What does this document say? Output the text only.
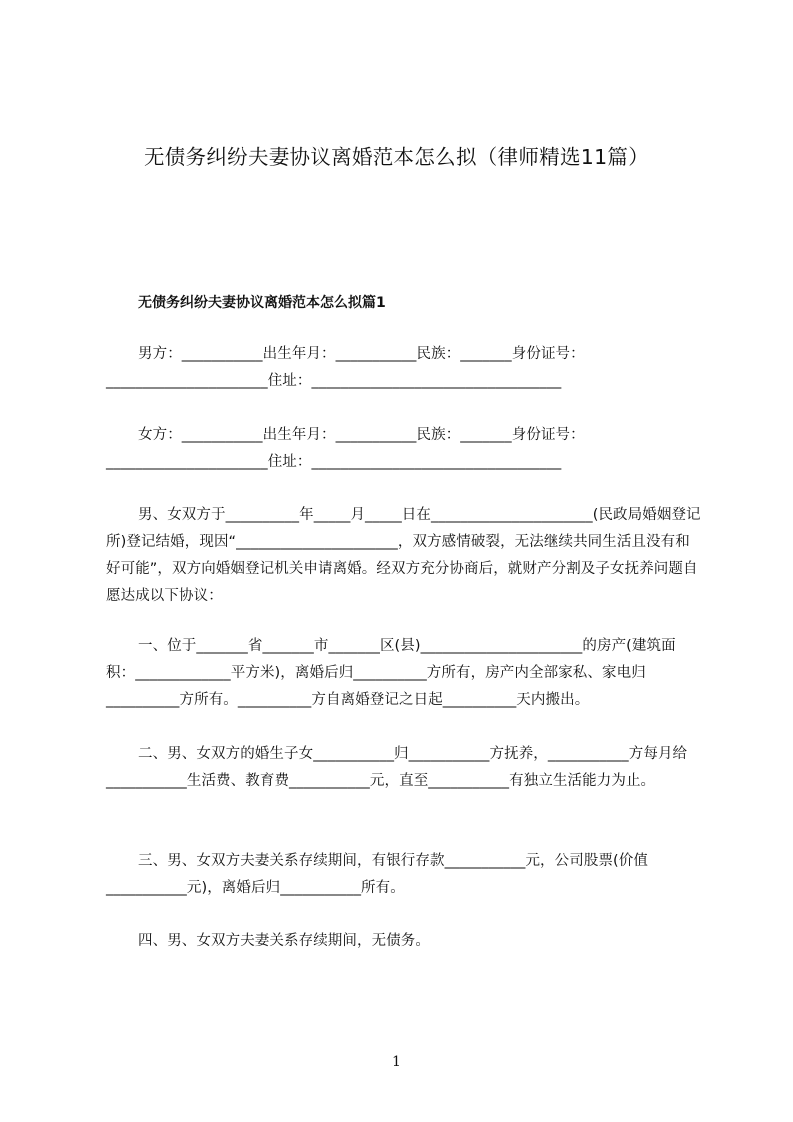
无债务纠纷夫妻协议离婚范本怎么拟（律师精选11篇）
无债务纠纷夫妻协议离婚范本怎么拟篇1
男方：___________出生年月：___________民族：_______身份证号：______________________住址：__________________________________
女方：___________出生年月：___________民族：_______身份证号：______________________住址：__________________________________
男、女双方于__________年_____月_____日在______________________(民政局婚姻登记所)登记结婚，现因“______________________，双方感情破裂，无法继续共同生活且没有和好可能”，双方向婚姻登记机关申请离婚。经双方充分协商后，就财产分割及子女抚养问题自愿达成以下协议：
一、位于_______省_______市_______区(县)______________________的房产(建筑面积：_____________平方米)，离婚后归__________方所有，房产内全部家私、家电归__________方所有。__________方自离婚登记之日起__________天内搬出。
二、男、女双方的婚生子女___________归___________方抚养，___________方每月给___________生活费、教育费___________元，直至___________有独立生活能力为止。
三、男、女双方夫妻关系存续期间，有银行存款___________元，公司股票(价值___________元)，离婚后归___________所有。
四、男、女双方夫妻关系存续期间，无债务。
1
